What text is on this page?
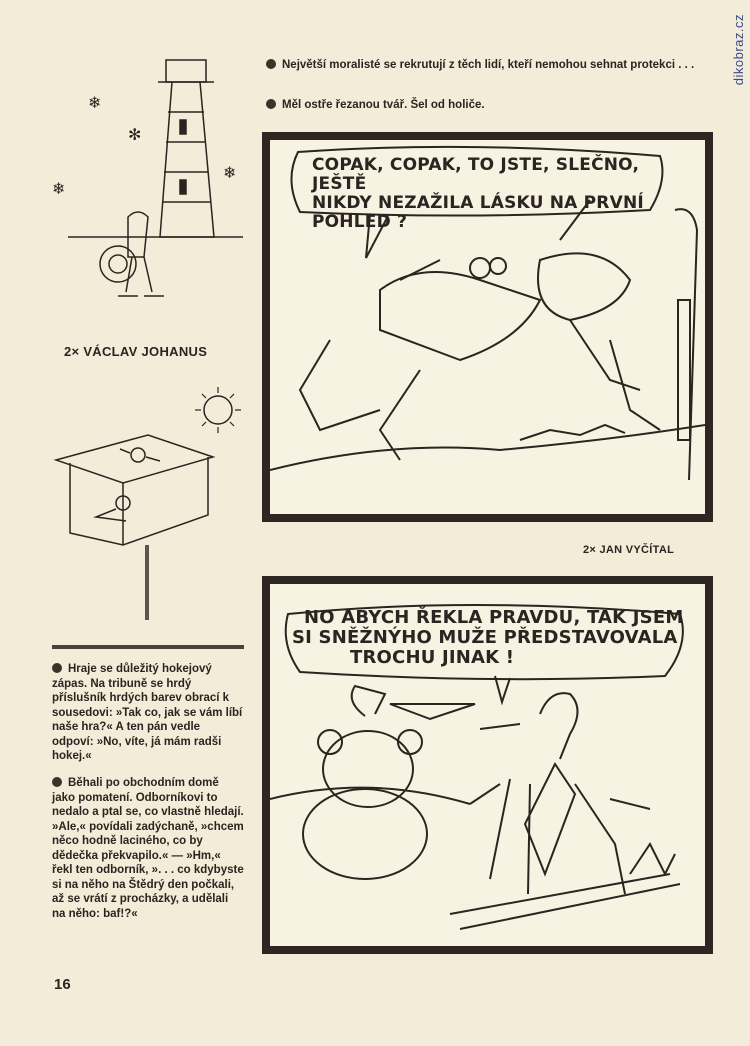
dikobraz.cz
Největší moralisté se rekrutují z těch lidí, kteří nemohou sehnat protekci . . .
Měl ostře řezanou tvář. Šel od holiče.
❄
✻
❄
❄
2× VÁCLAV JOHANUS
Hraje se důležitý hokejový zápas. Na tribuně se hrdý příslušník hrdých barev obrací k sousedovi: »Tak co, jak se vám líbí naše hra?« A ten pán vedle odpoví: »No, víte, já mám radši hokej.«
Běhali po obchodním domě jako pomatení. Odborníkovi to nedalo a ptal se, co vlastně hledají. »Ale,« povídali zadýchaně, »chcem něco hodně laciného, co by dědečka překvapilo.« — »Hm,« řekl ten odborník, ». . . co kdybyste si na něho na Štědrý den počkali, až se vrátí z procházky, a udělali na něho: baf!?«
16
COPAK, COPAK, TO JSTE, SLEČNO, JEŠTĚ
NIKDY NEZAŽILA LÁSKU NA PRVNÍ
POHLED ?
2× JAN VYČÍTAL
NO ABYCH ŘEKLA PRAVDU, TAK JSEM
SI SNĚŽNÝHO MUŽE PŘEDSTAVOVALA
TROCHU JINAK !
